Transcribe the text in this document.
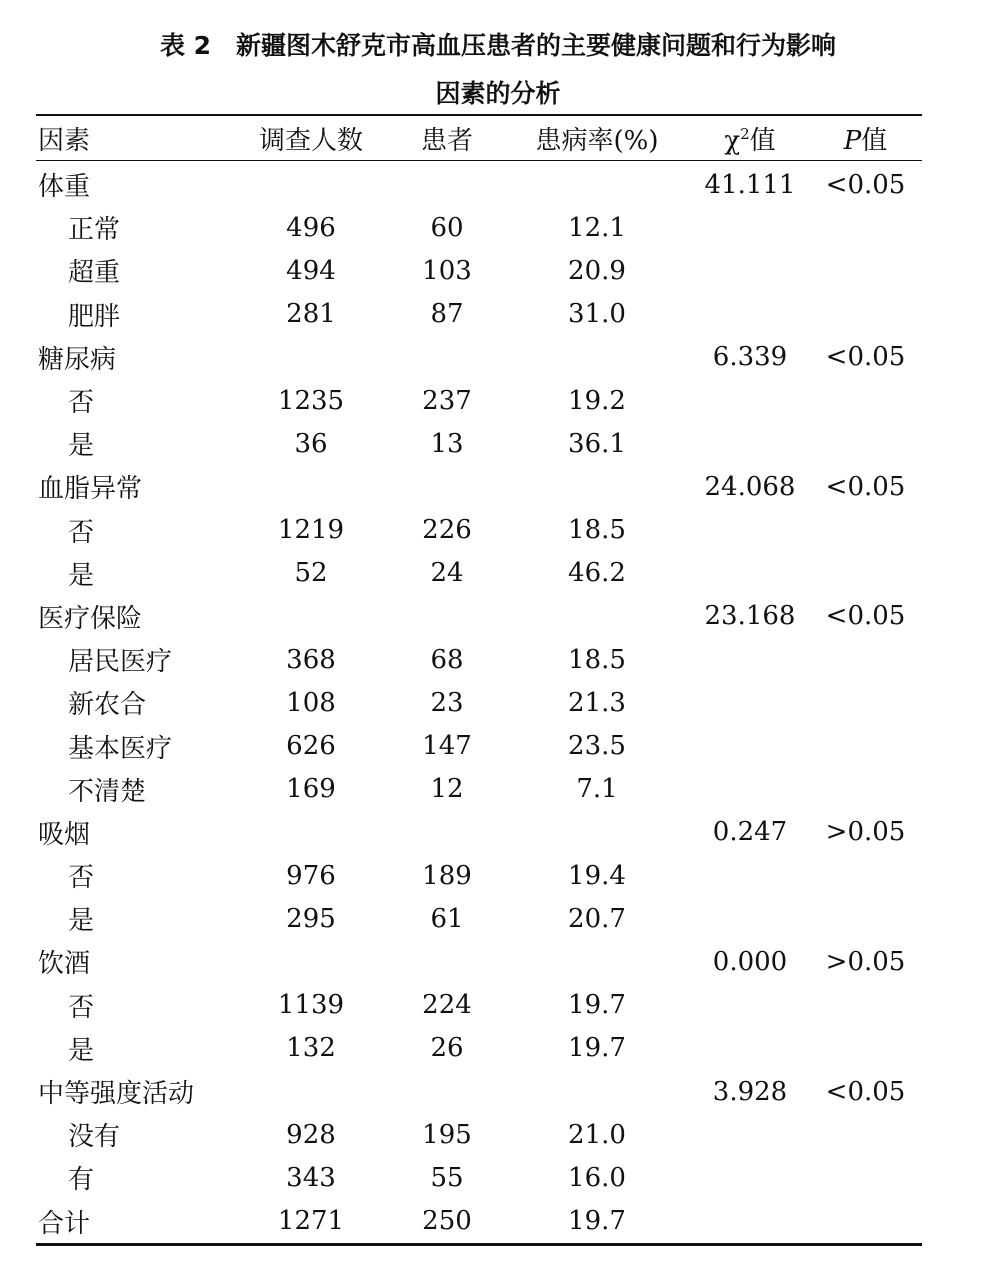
表 2　新疆图木舒克市高血压患者的主要健康问题和行为影响
因素的分析
因素	调查人数	患者	患病率(%)	$\chi^2$值	P值
体重				41.111	<0.05
正常	496	60	12.1		
超重	494	103	20.9		
肥胖	281	87	31.0		
糖尿病				6.339	<0.05
否	1235	237	19.2		
是	36	13	36.1		
血脂异常				24.068	<0.05
否	1219	226	18.5		
是	52	24	46.2		
医疗保险				23.168	<0.05
居民医疗	368	68	18.5		
新农合	108	23	21.3		
基本医疗	626	147	23.5		
不清楚	169	12	7.1		
吸烟				0.247	>0.05
否	976	189	19.4		
是	295	61	20.7		
饮酒				0.000	>0.05
否	1139	224	19.7		
是	132	26	19.7		
中等强度活动				3.928	<0.05
没有	928	195	21.0		
有	343	55	16.0		
合计	1271	250	19.7		
